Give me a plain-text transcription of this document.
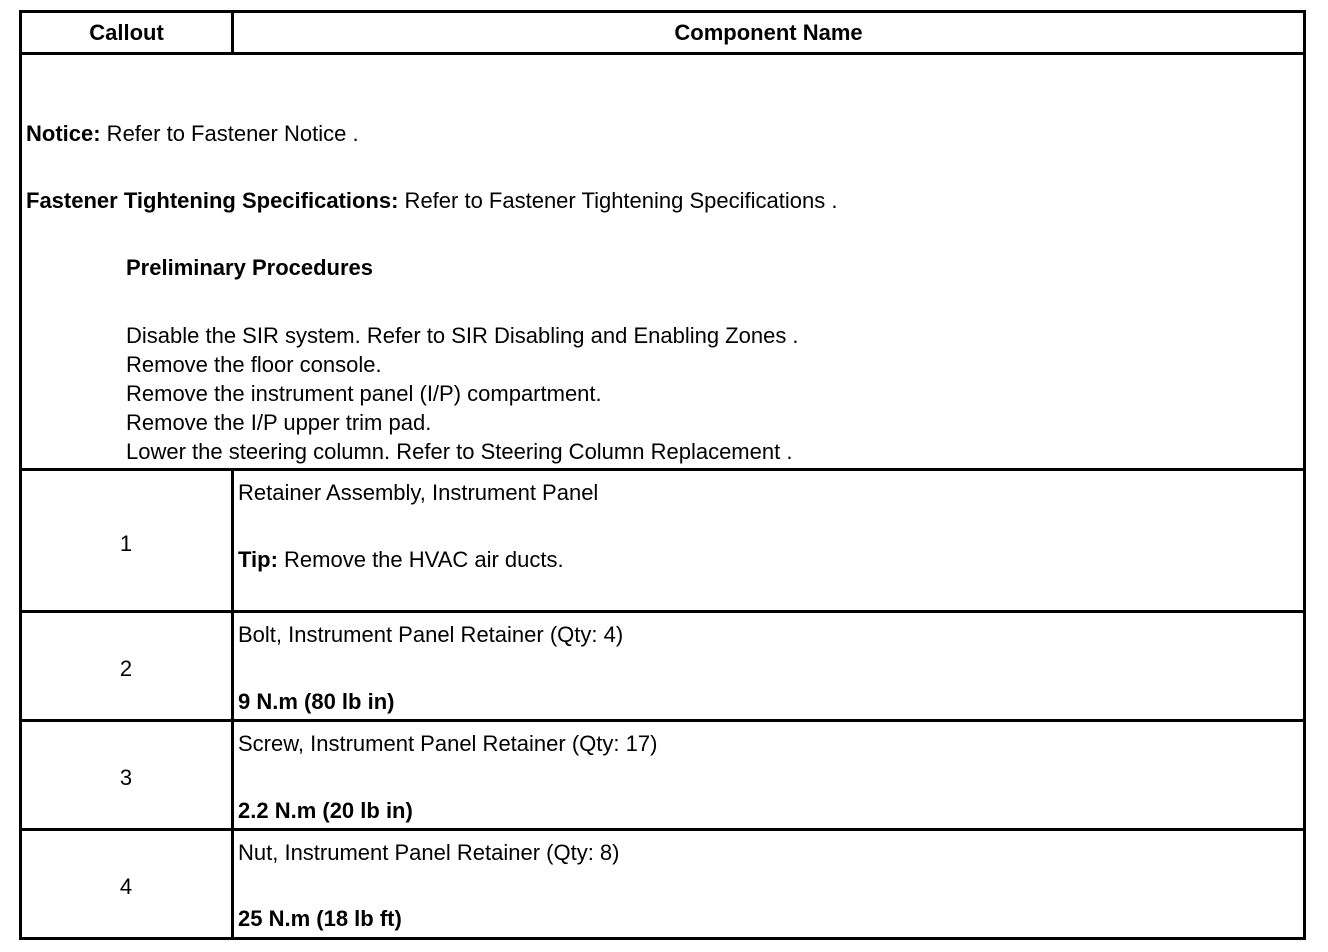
Callout	Component Name
Notice: Refer to Fastener Notice .
Fastener Tightening Specifications: Refer to Fastener Tightening Specifications .
Preliminary Procedures
Disable the SIR system. Refer to SIR Disabling and Enabling Zones .
Remove the floor console.
Remove the instrument panel (I/P) compartment.
Remove the I/P upper trim pad.
Lower the steering column. Refer to Steering Column Replacement .
1
Retainer Assembly, Instrument Panel
Tip: Remove the HVAC air ducts.
2
Bolt, Instrument Panel Retainer (Qty: 4)
9 N.m (80 lb in)
3
Screw, Instrument Panel Retainer (Qty: 17)
2.2 N.m (20 lb in)
4
Nut, Instrument Panel Retainer (Qty: 8)
25 N.m (18 lb ft)
